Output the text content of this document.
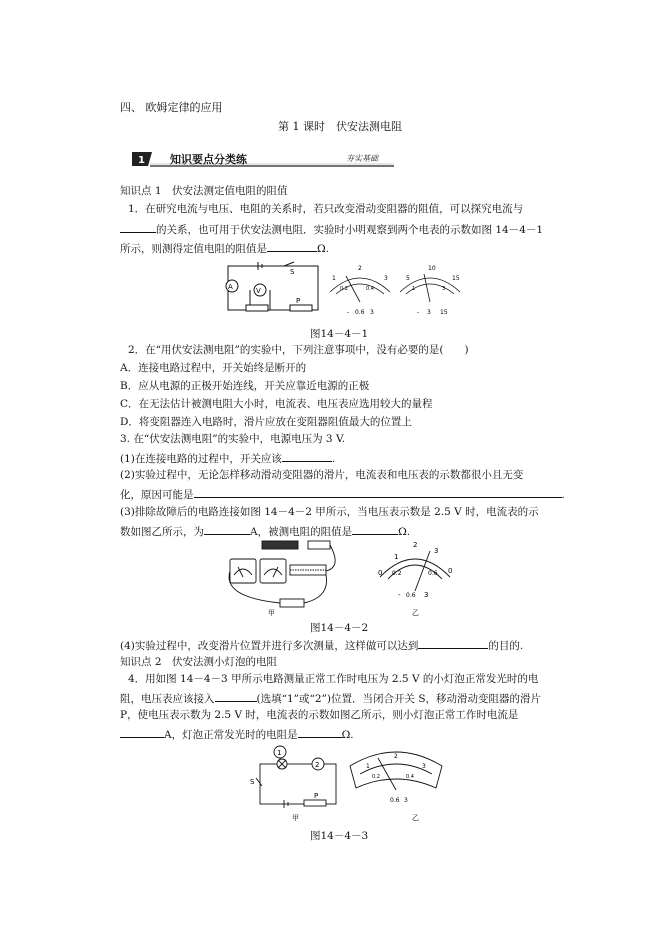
四、 欧姆定律的应用
第 1 课时　伏安法测电阻
1 知识要点分类练	夯实基础
知识点 1　伏安法测定值电阻的阻值
1．在研究电流与电压、电阻的关系时，若只改变滑动变阻器的阻值，可以探究电流与
的关系，也可用于伏安法测电阻．实验时小明观察到两个电表的示数如图 14－4－1
所示，则测得定值电阻的阻值是	Ω.
A	V
S
P
1
2
3
0.2	0.4
- 0.6 3
5
10
15
1	3
- 3 15
图14－4－1
2．在“用伏安法测电阻”的实验中，下列注意事项中，没有必要的是(　　)
A．连接电路过程中，开关始终是断开的
B．应从电源的正极开始连线，开关应靠近电源的正极
C．在无法估计被测电阻大小时，电流表、电压表应选用较大的量程
D．将变阻器连入电路时，滑片应放在变阻器阻值最大的位置上
3. 在“伏安法测电阻”的实验中，电源电压为 3 V.
(1)在连接电路的过程中，开关应该	.
(2)实验过程中，无论怎样移动滑动变阻器的滑片，电流表和电压表的示数都很小且无变
化，原因可能是	.
(3)排除故障后的电路连接如图 14－4－2 甲所示，当电压表示数是 2.5 V 时，电流表的示
数如图乙所示，为	A，被测电阻的阻值是	Ω.
甲
0
1
2
3
0
0.2	0.6
- 0.6 3
乙
图14－4－2
(4)实验过程中，改变滑片位置并进行多次测量，这样做可以达到	的目的.
知识点 2　伏安法测小灯泡的电阻
4．用如图 14－4－3 甲所示电路测量正常工作时电压为 2.5 V 的小灯泡正常发光时的电
阻，电压表应该接入	(选填“1”或“2”)位置．当闭合开关 S，移动滑动变阻器的滑片
P，使电压表示数为 2.5 V 时，电流表的示数如图乙所示，则小灯泡正常工作时电流是
A，灯泡正常发光时的电阻是	Ω.
1
2
S
P
甲
1
2
3
0.2	0.4
0.6 3
乙
图14－4－3
